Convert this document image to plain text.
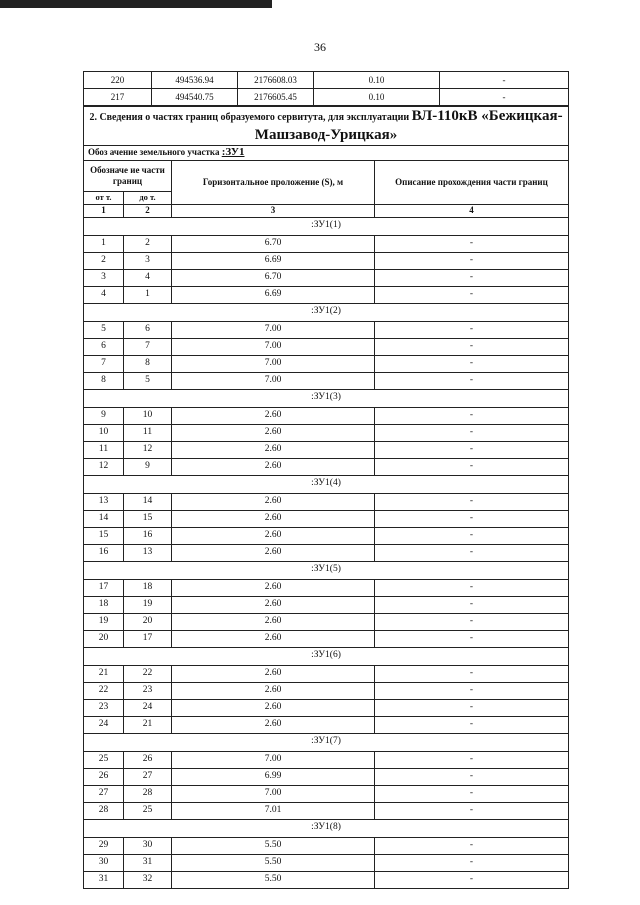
36
220	494536.94	2176608.03	0.10	-
217	494540.75	2176605.45	0.10	-
2. Сведения о частях границ образуемого сервитута, для эксплуатации ВЛ-110кВ «Бежицкая-Машзавод-Урицкая»			
Обоз ачение земельного участка :ЗУ1			
Обозначе ие части границ		Горизонтальное проложение (S), м	Описание прохождения части границ
от т.	до т.		
1	2	3	4
:ЗУ1(1)			
1	2	6.70	-
2	3	6.69	-
3	4	6.70	-
4	1	6.69	-
:ЗУ1(2)			
5	6	7.00	-
6	7	7.00	-
7	8	7.00	-
8	5	7.00	-
:ЗУ1(3)			
9	10	2.60	-
10	11	2.60	-
11	12	2.60	-
12	9	2.60	-
:ЗУ1(4)			
13	14	2.60	-
14	15	2.60	-
15	16	2.60	-
16	13	2.60	-
:ЗУ1(5)			
17	18	2.60	-
18	19	2.60	-
19	20	2.60	-
20	17	2.60	-
:ЗУ1(6)			
21	22	2.60	-
22	23	2.60	-
23	24	2.60	-
24	21	2.60	-
:ЗУ1(7)			
25	26	7.00	-
26	27	6.99	-
27	28	7.00	-
28	25	7.01	-
:ЗУ1(8)			
29	30	5.50	-
30	31	5.50	-
31	32	5.50	-
